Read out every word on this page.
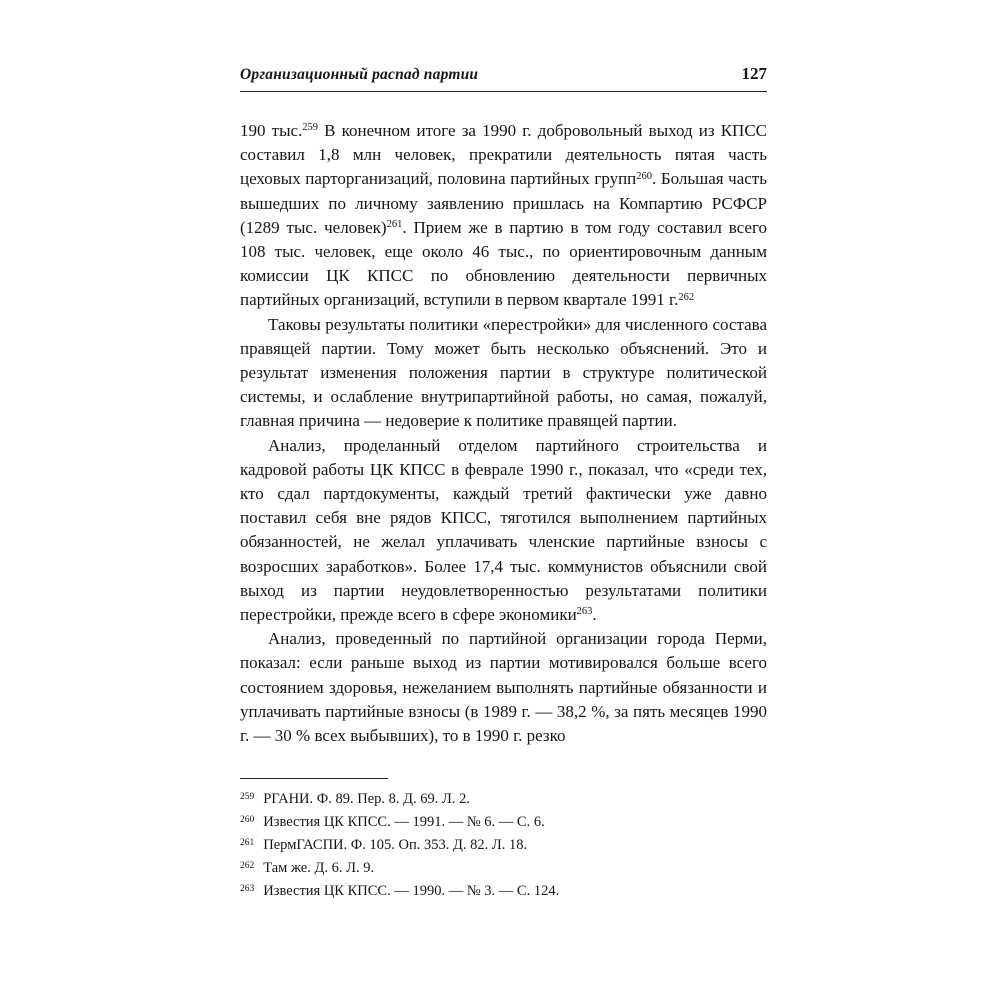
Организационный распад партии	127

190 тыс.$^{259}$ В конечном итоге за 1990 г. добровольный выход из КПСС составил 1,8 млн человек, прекратили деятельность пятая часть цеховых парторганизаций, половина партийных групп$^{260}$. Большая часть вышедших по личному заявлению пришлась на Компартию РСФСР (1289 тыс. человек)$^{261}$. Прием же в партию в том году составил всего 108 тыс. человек, еще около 46 тыс., по ориентировочным данным комиссии ЦК КПСС по обновлению деятельности первичных партийных организаций, вступили в первом квартале 1991 г.$^{262}$

Таковы результаты политики «перестройки» для численного состава правящей партии. Тому может быть несколько объяснений. Это и результат изменения положения партии в структуре политической системы, и ослабление внутрипартийной работы, но самая, пожалуй, главная причина — недоверие к политике правящей партии.

Анализ, проделанный отделом партийного строительства и кадровой работы ЦК КПСС в феврале 1990 г., показал, что «среди тех, кто сдал партдокументы, каждый третий фактически уже давно поставил себя вне рядов КПСС, тяготился выполнением партийных обязанностей, не желал уплачивать членские партийные взносы с возросших заработков». Более 17,4 тыс. коммунистов объяснили свой выход из партии неудовлетворенностью результатами политики перестройки, прежде всего в сфере экономики$^{263}$.

Анализ, проведенный по партийной организации города Перми, показал: если раньше выход из партии мотивировался больше всего состоянием здоровья, нежеланием выполнять партийные обязанности и уплачивать партийные взносы (в 1989 г. — 38,2 %, за пять месяцев 1990 г. — 30 % всех выбывших), то в 1990 г. резко

$^{259}$ РГАНИ. Ф. 89. Пер. 8. Д. 69. Л. 2.
$^{260}$ Известия ЦК КПСС. — 1991. — № 6. — С. 6.
$^{261}$ ПермГАСПИ. Ф. 105. Оп. 353. Д. 82. Л. 18.
$^{262}$ Там же. Д. 6. Л. 9.
$^{263}$ Известия ЦК КПСС. — 1990. — № 3. — С. 124.
